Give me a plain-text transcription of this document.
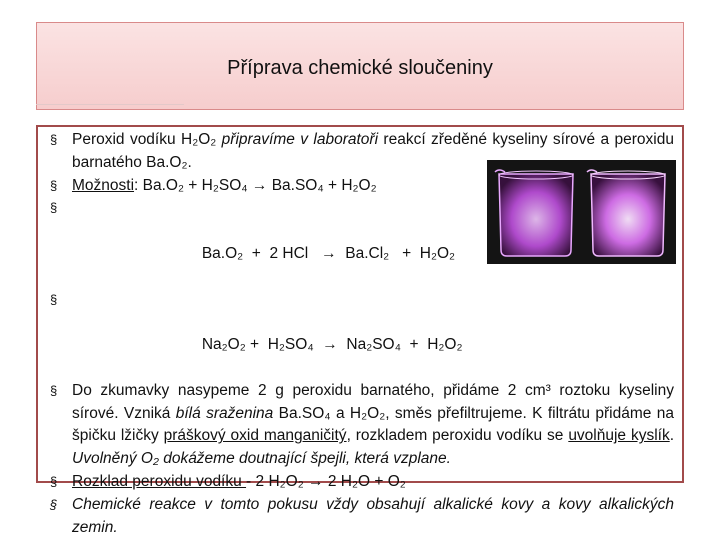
Příprava chemické sloučeniny
§ Peroxid vodíku H₂O₂ připravíme v laboratoři reakcí zředěné kyseliny sírové a peroxidu barnatého Ba.O₂.
§ Možnosti: Ba.O₂ + H₂SO₄ → Ba.SO₄ + H₂O₂

§

Ba.O₂  +  2 HCl   →  Ba.Cl₂   +  H₂O₂

§

Na₂O₂ +  H₂SO₄  →  Na₂SO₄  +  H₂O₂

§ Do zkumavky nasypeme 2 g peroxidu barnatého, přidáme 2 cm³ roztoku kyseliny sírové. Vzniká bílá sraženina Ba.SO₄ a H₂O₂, směs přefiltrujeme. K filtrátu přidáme na špičku lžičky práškový oxid manganičitý, rozkladem peroxidu vodíku se uvolňuje kyslík. Uvolněný O₂ dokážeme doutnající špejli, která vzplane.
§ Rozklad peroxidu vodíku - 2 H₂O₂ → 2 H₂O + O₂
§ Chemické reakce v tomto pokusu vždy obsahují alkalické kovy a kovy alkalických zemin.
